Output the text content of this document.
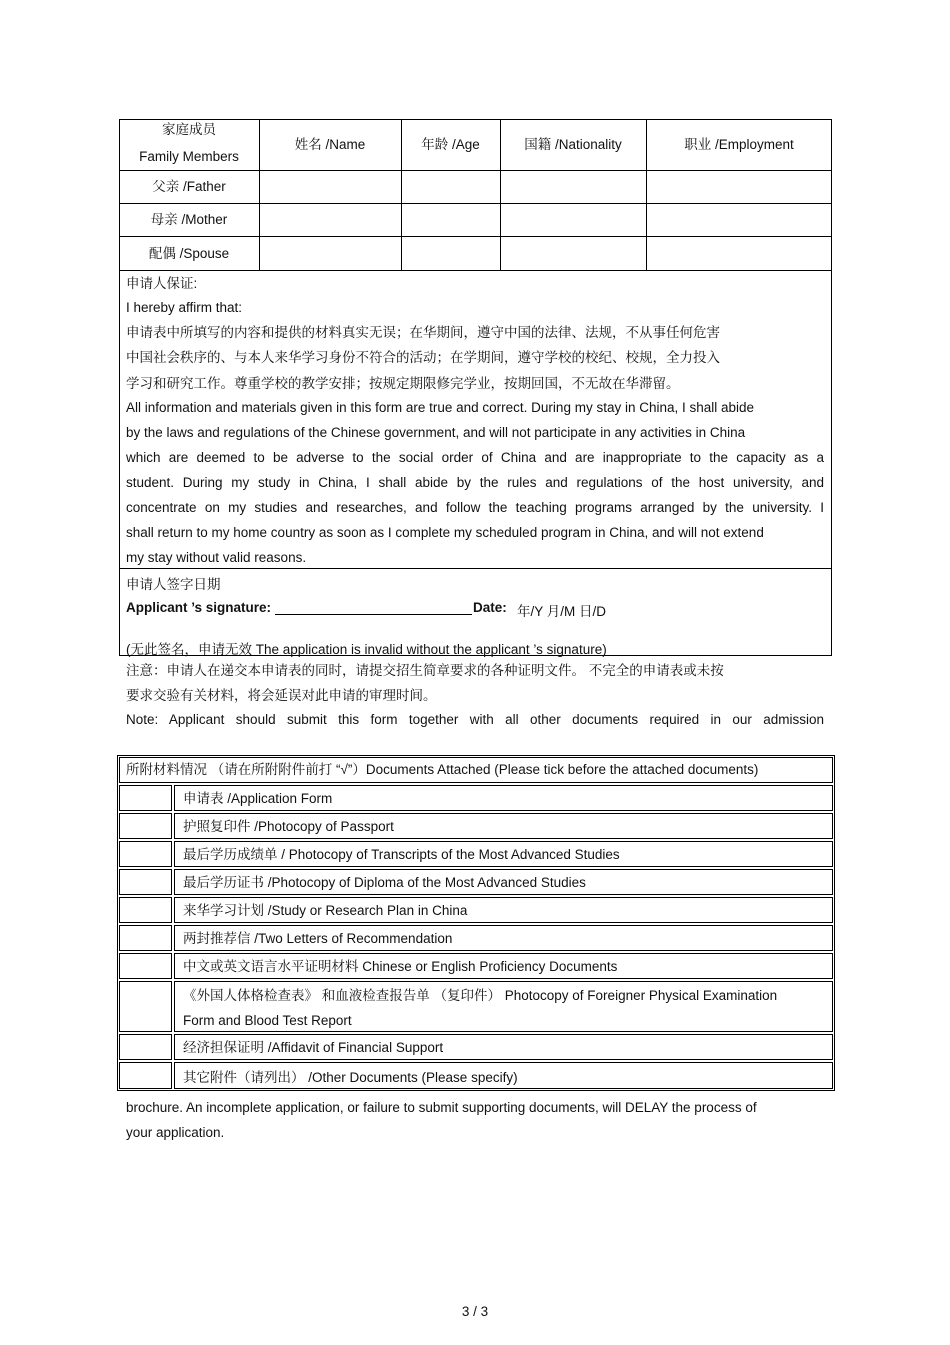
家庭成员
Family Members
姓名 /Name	年龄 /Age	国籍 /Nationality	职业 /Employment
父亲 /Father
母亲 /Mother
配偶 /Spouse
申请人保证:
I hereby affirm that:
申请表中所填写的内容和提供的材料真实无误；在华期间，遵守中国的法律、法规，不从事任何危害
中国社会秩序的、与本人来华学习身份不符合的活动；在学期间，遵守学校的校纪、校规，全力投入
学习和研究工作。尊重学校的教学安排；按规定期限修完学业，按期回国，不无故在华滞留。
All information and materials given in this form are true and correct. During my stay in China, I shall abide
by the laws and regulations of the Chinese government, and will not participate in any activities in China
which are deemed to be adverse to the social order of China and are inappropriate to the capacity as a
student. During my study in China, I shall abide by the rules and regulations of the host university, and
concentrate on my studies and researches, and follow the teaching programs arranged by the university. I
shall return to my home country as soon as I complete my scheduled program in China, and will not extend
my stay without valid reasons.
申请人签字日期
Applicant ’s signature:	Date: 年/Y 月/M 日/D
(无此签名，申请无效 The application is invalid without the applicant ’s signature)
注意：申请人在递交本申请表的同时，请提交招生简章要求的各种证明文件。 不完全的申请表或未按
要求交验有关材料，将会延误对此申请的审理时间。
Note: Applicant should submit this form together with all other documents required in our admission
所附材料情况 （请在所附附件前打 “√”）Documents Attached (Please tick before the attached documents)
申请表 /Application Form
护照复印件 /Photocopy of Passport
最后学历成绩单 / Photocopy of Transcripts of the Most Advanced Studies
最后学历证书 /Photocopy of Diploma of the Most Advanced Studies
来华学习计划 /Study or Research Plan in China
两封推荐信 /Two Letters of Recommendation
中文或英文语言水平证明材料 Chinese or English Proficiency Documents
《外国人体格检查表》 和血液检查报告单 （复印件） Photocopy of Foreigner Physical Examination
Form and Blood Test Report
经济担保证明 /Affidavit of Financial Support
其它附件（请列出） /Other Documents (Please specify)
brochure. An incomplete application, or failure to submit supporting documents, will DELAY the process of
your application.
3 / 3
